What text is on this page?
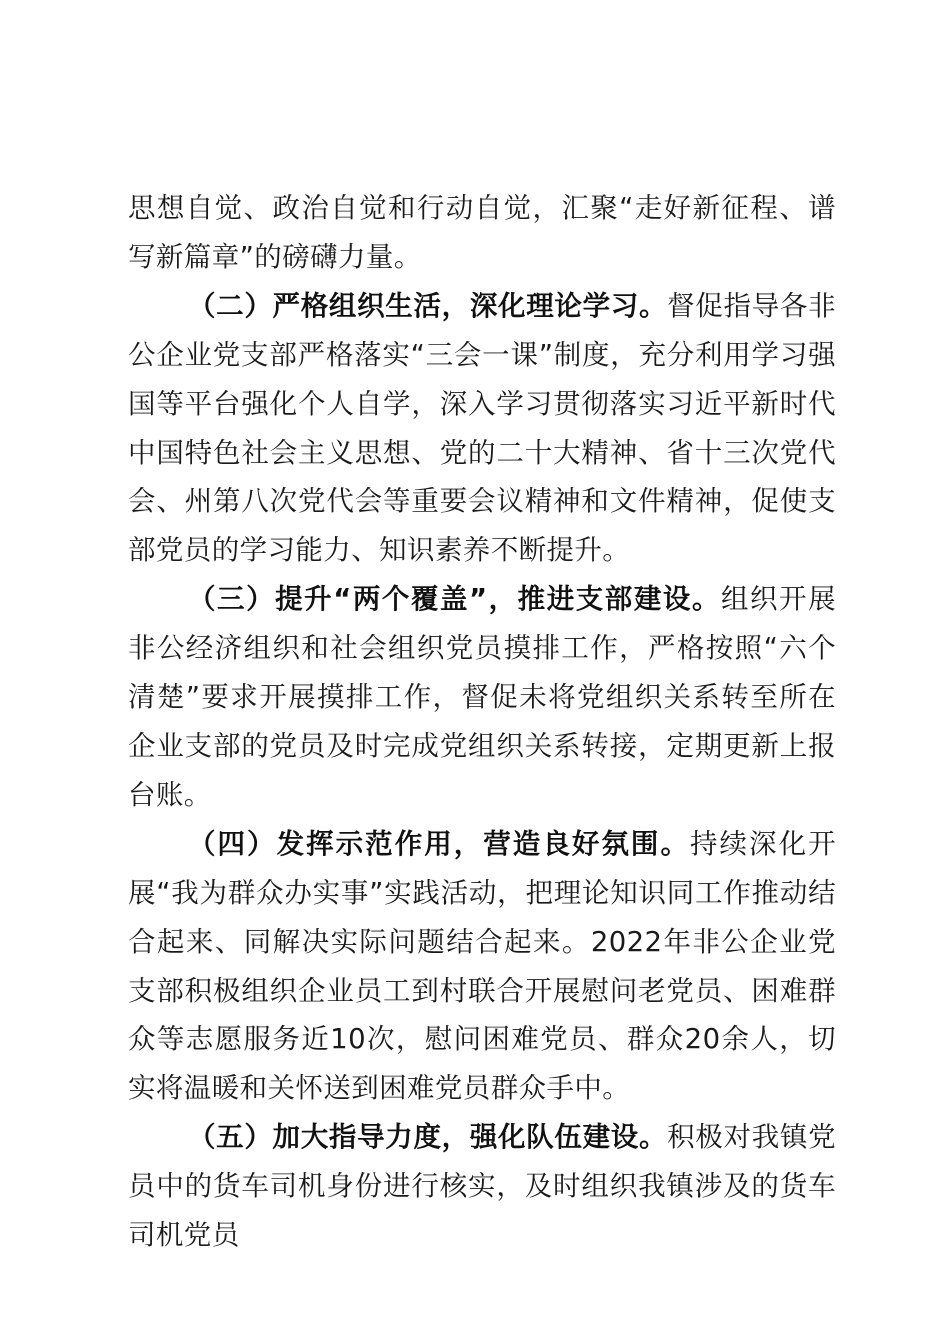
思想自觉、政治自觉和行动自觉，汇聚“走好新征程、谱写新篇章”的磅礴力量。

（二）严格组织生活，深化理论学习。督促指导各非公企业党支部严格落实“三会一课”制度，充分利用学习强国等平台强化个人自学，深入学习贯彻落实习近平新时代中国特色社会主义思想、党的二十大精神、省十三次党代会、州第八次党代会等重要会议精神和文件精神，促使支部党员的学习能力、知识素养不断提升。

（三）提升“两个覆盖”，推进支部建设。组织开展非公经济组织和社会组织党员摸排工作，严格按照“六个清楚”要求开展摸排工作，督促未将党组织关系转至所在企业支部的党员及时完成党组织关系转接，定期更新上报台账。

（四）发挥示范作用，营造良好氛围。持续深化开展“我为群众办实事”实践活动，把理论知识同工作推动结合起来、同解决实际问题结合起来。2022年非公企业党支部积极组织企业员工到村联合开展慰问老党员、困难群众等志愿服务近10次，慰问困难党员、群众20余人，切实将温暖和关怀送到困难党员群众手中。

（五）加大指导力度，强化队伍建设。积极对我镇党员中的货车司机身份进行核实，及时组织我镇涉及的货车司机党员
